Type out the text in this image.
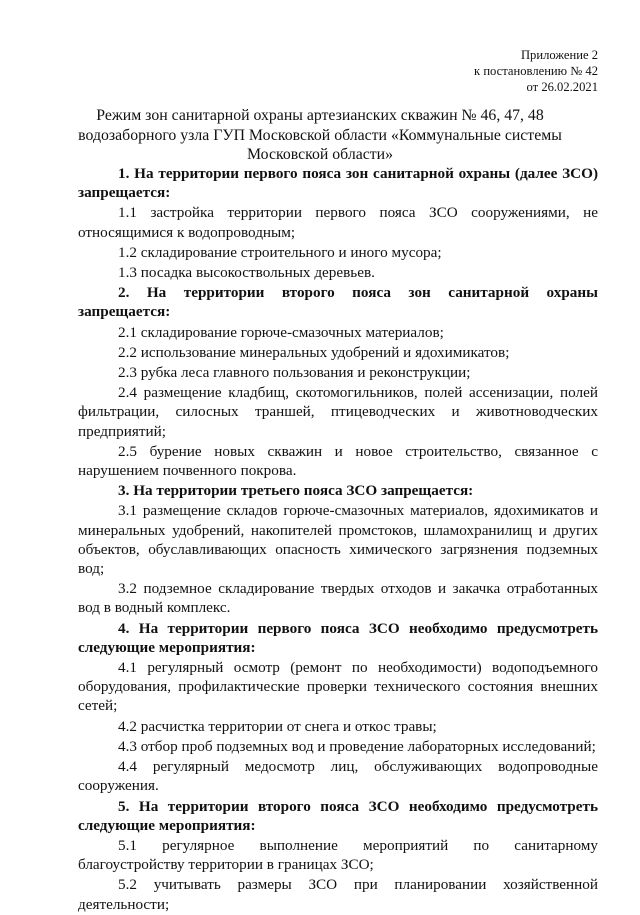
Приложение 2
к постановлению № 42
от 26.02.2021
Режим зон санитарной охраны артезианских скважин № 46, 47, 48
водозаборного узла ГУП Московской области «Коммунальные системы
Московской области»

1. На территории первого пояса зон санитарной охраны (далее ЗСО) запрещается:

1.1 застройка территории первого пояса ЗСО сооружениями, не относящимися к водопроводным;

1.2 складирование строительного и иного мусора;

1.3 посадка высокоствольных деревьев.

2. На территории второго пояса зон санитарной охраны запрещается:

2.1 складирование горюче-смазочных материалов;

2.2 использование минеральных удобрений и ядохимикатов;

2.3 рубка леса главного пользования и реконструкции;

2.4 размещение кладбищ, скотомогильников, полей ассенизации, полей фильтрации, силосных траншей, птицеводческих и животноводческих предприятий;

2.5 бурение новых скважин и новое строительство, связанное с нарушением почвенного покрова.

3. На территории третьего пояса ЗСО запрещается:

3.1 размещение складов горюче-смазочных материалов, ядохимикатов и минеральных удобрений, накопителей промстоков, шламохранилищ и других объектов, обуславливающих опасность химического загрязнения подземных вод;

3.2 подземное складирование твердых отходов и закачка отработанных вод в водный комплекс.

4. На территории первого пояса ЗСО необходимо предусмотреть следующие мероприятия:

4.1 регулярный осмотр (ремонт по необходимости) водоподъемного оборудования, профилактические проверки технического состояния внешних сетей;

4.2 расчистка территории от снега и откос травы;

4.3 отбор проб подземных вод и проведение лабораторных исследований;

4.4 регулярный медосмотр лиц, обслуживающих водопроводные сооружения.

5. На территории второго пояса ЗСО необходимо предусмотреть следующие мероприятия:

5.1 регулярное выполнение мероприятий по санитарному благоустройству территории в границах ЗСО;

5.2 учитывать размеры ЗСО при планировании хозяйственной деятельности;
